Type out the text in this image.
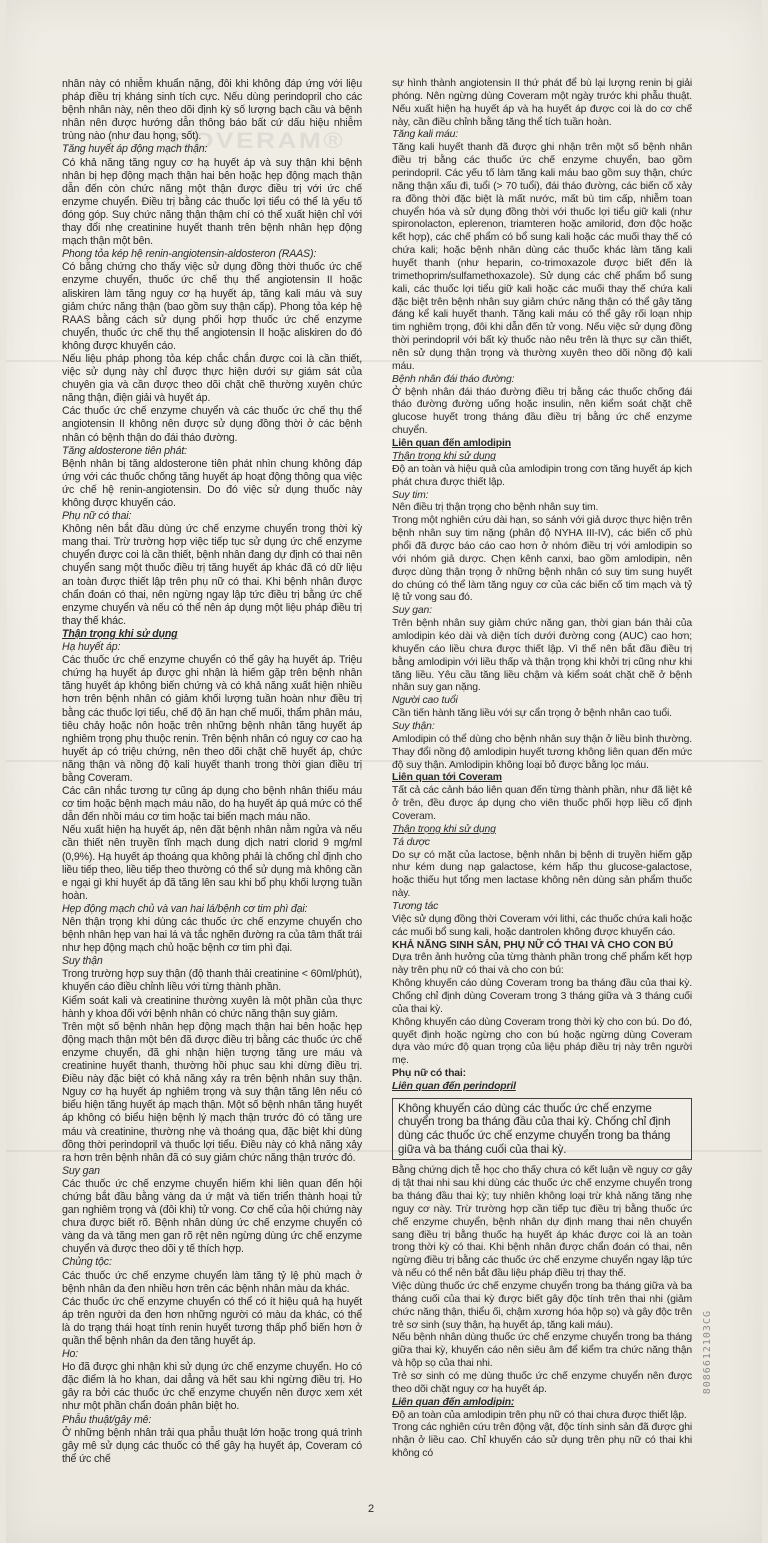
COVERAM®

nhân này có nhiễm khuẩn nặng, đôi khi không đáp ứng với liệu pháp điều trị kháng sinh tích cực. Nếu dùng perindopril cho các bệnh nhân này, nên theo dõi định kỳ số lượng bạch cầu và bệnh nhân nên được hướng dẫn thông báo bất cứ dấu hiệu nhiễm trùng nào (như đau họng, sốt).

Tăng huyết áp động mạch thận:

Có khả năng tăng nguy cơ hạ huyết áp và suy thận khi bệnh nhân bị hẹp động mạch thận hai bên hoặc hẹp động mạch thận dẫn đến còn chức năng một thận được điều trị với ức chế enzyme chuyển. Điều trị bằng các thuốc lợi tiểu có thể là yếu tố đóng góp. Suy chức năng thận thậm chí có thể xuất hiện chỉ với thay đổi nhẹ creatinine huyết thanh trên bệnh nhân hẹp động mạch thận một bên.

Phong tỏa kép hệ renin-angiotensin-aldosteron (RAAS):

Có bằng chứng cho thấy việc sử dụng đồng thời thuốc ức chế enzyme chuyển, thuốc ức chế thụ thể angiotensin II hoặc aliskiren làm tăng nguy cơ hạ huyết áp, tăng kali máu và suy giảm chức năng thận (bao gồm suy thận cấp). Phong tỏa kép hệ RAAS bằng cách sử dụng phối hợp thuốc ức chế enzyme chuyển, thuốc ức chế thụ thể angiotensin II hoặc aliskiren do đó không được khuyến cáo.

Nếu liệu pháp phong tỏa kép chắc chắn được coi là cần thiết, việc sử dụng này chỉ được thực hiện dưới sự giám sát của chuyên gia và cần được theo dõi chặt chẽ thường xuyên chức năng thận, điện giải và huyết áp.

Các thuốc ức chế enzyme chuyển và các thuốc ức chế thụ thể angiotensin II không nên được sử dụng đồng thời ở các bệnh nhân có bệnh thận do đái tháo đường.

Tăng aldosterone tiên phát:

Bệnh nhân bị tăng aldosterone tiên phát nhìn chung không đáp ứng với các thuốc chống tăng huyết áp hoạt động thông qua việc ức chế hệ renin-angiotensin. Do đó việc sử dụng thuốc này không được khuyến cáo.

Phụ nữ có thai:

Không nên bắt đầu dùng ức chế enzyme chuyển trong thời kỳ mang thai. Trừ trường hợp việc tiếp tục sử dụng ức chế enzyme chuyển được coi là cần thiết, bệnh nhân đang dự định có thai nên chuyển sang một thuốc điều trị tăng huyết áp khác đã có dữ liệu an toàn được thiết lập trên phụ nữ có thai. Khi bệnh nhân được chẩn đoán có thai, nên ngừng ngay lập tức điều trị bằng ức chế enzyme chuyển và nếu có thể nên áp dụng một liệu pháp điều trị thay thế khác.

Thận trọng khi sử dụng

Hạ huyết áp:

Các thuốc ức chế enzyme chuyển có thể gây hạ huyết áp. Triệu chứng hạ huyết áp được ghi nhận là hiếm gặp trên bệnh nhân tăng huyết áp không biến chứng và có khả năng xuất hiện nhiều hơn trên bệnh nhân có giảm khối lượng tuần hoàn như điều trị bằng các thuốc lợi tiểu, chế độ ăn hạn chế muối, thẩm phân máu, tiêu chảy hoặc nôn hoặc trên những bệnh nhân tăng huyết áp nghiêm trọng phụ thuộc renin. Trên bệnh nhân có nguy cơ cao hạ huyết áp có triệu chứng, nên theo dõi chặt chẽ huyết áp, chức năng thận và nồng độ kali huyết thanh trong thời gian điều trị bằng Coveram.

Các cân nhắc tương tự cũng áp dụng cho bệnh nhân thiếu máu cơ tim hoặc bệnh mạch máu não, do hạ huyết áp quá mức có thể dẫn đến nhồi máu cơ tim hoặc tai biến mạch máu não.

Nếu xuất hiện hạ huyết áp, nên đặt bệnh nhân nằm ngửa và nếu cần thiết nên truyền tĩnh mạch dung dịch natri clorid 9 mg/ml (0,9%). Hạ huyết áp thoáng qua không phải là chống chỉ định cho liều tiếp theo, liều tiếp theo thường có thể sử dụng mà không cần e ngại gì khi huyết áp đã tăng lên sau khi bổ phụ khối lượng tuần hoàn.

Hẹp động mạch chủ và van hai lá/bệnh cơ tim phì đại:

Nên thận trọng khi dùng các thuốc ức chế enzyme chuyển cho bệnh nhân hẹp van hai lá và tắc nghẽn đường ra của tâm thất trái như hẹp động mạch chủ hoặc bệnh cơ tim phì đại.

Suy thận

Trong trường hợp suy thận (độ thanh thải creatinine < 60ml/phút), khuyến cáo điều chỉnh liều với từng thành phần.

Kiểm soát kali và creatinine thường xuyên là một phần của thực hành y khoa đối với bệnh nhân có chức năng thận suy giảm.

Trên một số bệnh nhân hẹp động mạch thận hai bên hoặc hẹp động mạch thận một bên đã được điều trị bằng các thuốc ức chế enzyme chuyển, đã ghi nhận hiện tượng tăng ure máu và creatinine huyết thanh, thường hồi phục sau khi dừng điều trị. Điều này đặc biệt có khả năng xảy ra trên bệnh nhân suy thận. Nguy cơ hạ huyết áp nghiêm trọng và suy thận tăng lên nếu có biểu hiện tăng huyết áp mạch thận. Một số bệnh nhân tăng huyết áp không có biểu hiện bệnh lý mạch thận trước đó có tăng ure máu và creatinine, thường nhẹ và thoáng qua, đặc biệt khi dùng đồng thời perindopril và thuốc lợi tiểu. Điều này có khả năng xảy ra hơn trên bệnh nhân đã có suy giảm chức năng thận trước đó.

Suy gan

Các thuốc ức chế enzyme chuyển hiếm khi liên quan đến hội chứng bắt đầu bằng vàng da ứ mật và tiến triển thành hoại tử gan nghiêm trọng và (đôi khi) tử vong. Cơ chế của hội chứng này chưa được biết rõ. Bệnh nhân dùng ức chế enzyme chuyển có vàng da và tăng men gan rõ rệt nên ngừng dùng ức chế enzyme chuyển và được theo dõi y tế thích hợp.

Chủng tộc:

Các thuốc ức chế enzyme chuyển làm tăng tỷ lệ phù mạch ở bệnh nhân da đen nhiều hơn trên các bệnh nhân màu da khác.

Các thuốc ức chế enzyme chuyển có thể có ít hiệu quả hạ huyết áp trên người da đen hơn những người có màu da khác, có thể là do trạng thái hoạt tính renin huyết tương thấp phổ biến hơn ở quần thể bệnh nhân da đen tăng huyết áp.

Ho:

Ho đã được ghi nhận khi sử dụng ức chế enzyme chuyển. Ho có đặc điểm là ho khan, dai dẳng và hết sau khi ngừng điều trị. Ho gây ra bởi các thuốc ức chế enzyme chuyển nên được xem xét như một phần chẩn đoán phân biệt ho.

Phẫu thuật/gây mê:

Ở những bệnh nhân trải qua phẫu thuật lớn hoặc trong quá trình gây mê sử dụng các thuốc có thể gây hạ huyết áp, Coveram có thể ức chế

sự hình thành angiotensin II thứ phát để bù lại lượng renin bị giải phóng. Nên ngừng dùng Coveram một ngày trước khi phẫu thuật. Nếu xuất hiện hạ huyết áp và hạ huyết áp được coi là do cơ chế này, cần điều chỉnh bằng tăng thể tích tuần hoàn.

Tăng kali máu:

Tăng kali huyết thanh đã được ghi nhận trên một số bệnh nhân điều trị bằng các thuốc ức chế enzyme chuyển, bao gồm perindopril. Các yếu tố làm tăng kali máu bao gồm suy thận, chức năng thận xấu đi, tuổi (> 70 tuổi), đái tháo đường, các biến cố xảy ra đồng thời đặc biệt là mất nước, mất bù tim cấp, nhiễm toan chuyển hóa và sử dụng đồng thời với thuốc lợi tiểu giữ kali (như spironolacton, eplerenon, triamteren hoặc amilorid, đơn độc hoặc kết hợp), các chế phẩm có bổ sung kali hoặc các muối thay thế có chứa kali; hoặc bệnh nhân dùng các thuốc khác làm tăng kali huyết thanh (như heparin, co-trimoxazole được biết đến là trimethoprim/sulfamethoxazole). Sử dụng các chế phẩm bổ sung kali, các thuốc lợi tiểu giữ kali hoặc các muối thay thế chứa kali đặc biệt trên bệnh nhân suy giảm chức năng thận có thể gây tăng đáng kể kali huyết thanh. Tăng kali máu có thể gây rối loạn nhịp tim nghiêm trọng, đôi khi dẫn đến tử vong. Nếu việc sử dụng đồng thời perindopril với bất kỳ thuốc nào nêu trên là thực sự cần thiết, nên sử dụng thận trọng và thường xuyên theo dõi nồng độ kali máu.

Bệnh nhân đái tháo đường:

Ở bệnh nhân đái tháo đường điều trị bằng các thuốc chống đái tháo đường đường uống hoặc insulin, nên kiểm soát chặt chẽ glucose huyết trong tháng đầu điều trị bằng ức chế enzyme chuyển.

Liên quan đến amlodipin

Thận trọng khi sử dụng

Độ an toàn và hiệu quả của amlodipin trong cơn tăng huyết áp kịch phát chưa được thiết lập.

Suy tim:

Nên điều trị thận trọng cho bệnh nhân suy tim.

Trong một nghiên cứu dài hạn, so sánh với giả dược thực hiện trên bệnh nhân suy tim nặng (phân độ NYHA III-IV), các biến cố phù phổi đã được báo cáo cao hơn ở nhóm điều trị với amlodipin so với nhóm giả dược. Chẹn kênh canxi, bao gồm amlodipin, nên được dùng thận trọng ở những bệnh nhân có suy tim sung huyết do chúng có thể làm tăng nguy cơ của các biến cố tim mạch và tỷ lệ tử vong sau đó.

Suy gan:

Trên bệnh nhân suy giảm chức năng gan, thời gian bán thải của amlodipin kéo dài và diện tích dưới đường cong (AUC) cao hơn; khuyến cáo liều chưa được thiết lập. Vì thế nên bắt đầu điều trị bằng amlodipin với liều thấp và thận trọng khi khởi trị cũng như khi tăng liều. Yêu cầu tăng liều chậm và kiểm soát chặt chẽ ở bệnh nhân suy gan nặng.

Người cao tuổi

Cần tiến hành tăng liều với sự cẩn trọng ở bệnh nhân cao tuổi.

Suy thận:

Amlodipin có thể dùng cho bệnh nhân suy thận ở liều bình thường. Thay đổi nồng độ amlodipin huyết tương không liên quan đến mức độ suy thận. Amlodipin không loại bỏ được bằng lọc máu.

Liên quan tới Coveram

Tất cả các cảnh báo liên quan đến từng thành phần, như đã liệt kê ở trên, đều được áp dụng cho viên thuốc phối hợp liều cố định Coveram.

Thận trọng khi sử dụng

Tá dược

Do sự có mặt của lactose, bệnh nhân bị bệnh di truyền hiếm gặp như kém dung nạp galactose, kém hấp thu glucose-galactose, hoặc thiếu hụt tổng men lactase không nên dùng sản phẩm thuốc này.

Tương tác

Việc sử dụng đồng thời Coveram với lithi, các thuốc chứa kali hoặc các muối bổ sung kali, hoặc dantrolen không được khuyến cáo.

KHẢ NĂNG SINH SẢN, PHỤ NỮ CÓ THAI VÀ CHO CON BÚ

Dựa trên ảnh hưởng của từng thành phần trong chế phẩm kết hợp này trên phụ nữ có thai và cho con bú:

Không khuyến cáo dùng Coveram trong ba tháng đầu của thai kỳ. Chống chỉ định dùng Coveram trong 3 tháng giữa và 3 tháng cuối của thai kỳ.

Không khuyến cáo dùng Coveram trong thời kỳ cho con bú. Do đó, quyết định hoặc ngừng cho con bú hoặc ngừng dùng Coveram dựa vào mức độ quan trọng của liệu pháp điều trị này trên người mẹ.

Phụ nữ có thai:

Liên quan đến perindopril

Không khuyến cáo dùng các thuốc ức chế enzyme chuyển trong ba tháng đầu của thai kỳ. Chống chỉ định dùng các thuốc ức chế enzyme chuyển trong ba tháng giữa và ba tháng cuối của thai kỳ.

Bằng chứng dịch tễ học cho thấy chưa có kết luận về nguy cơ gây dị tật thai nhi sau khi dùng các thuốc ức chế enzyme chuyển trong ba tháng đầu thai kỳ; tuy nhiên không loại trừ khả năng tăng nhẹ nguy cơ này. Trừ trường hợp cần tiếp tục điều trị bằng thuốc ức chế enzyme chuyển, bệnh nhân dự định mang thai nên chuyển sang điều trị bằng thuốc hạ huyết áp khác được coi là an toàn trong thời kỳ có thai. Khi bệnh nhân được chẩn đoán có thai, nên ngừng điều trị bằng các thuốc ức chế enzyme chuyển ngay lập tức và nếu có thể nên bắt đầu liệu pháp điều trị thay thế.

Việc dùng thuốc ức chế enzyme chuyển trong ba tháng giữa và ba tháng cuối của thai kỳ được biết gây độc tính trên thai nhi (giảm chức năng thận, thiểu ối, chậm xương hóa hộp sọ) và gây độc trên trẻ sơ sinh (suy thận, hạ huyết áp, tăng kali máu).

Nếu bệnh nhân dùng thuốc ức chế enzyme chuyển trong ba tháng giữa thai kỳ, khuyến cáo nên siêu âm để kiểm tra chức năng thận và hộp sọ của thai nhi.

Trẻ sơ sinh có mẹ dùng thuốc ức chế enzyme chuyển nên được theo dõi chặt nguy cơ hạ huyết áp.

Liên quan đến amlodipin:

Độ an toàn của amlodipin trên phụ nữ có thai chưa được thiết lập.

Trong các nghiên cứu trên động vật, độc tính sinh sản đã được ghi nhận ở liều cao. Chỉ khuyến cáo sử dụng trên phụ nữ có thai khi không có

2
8086612103CG
